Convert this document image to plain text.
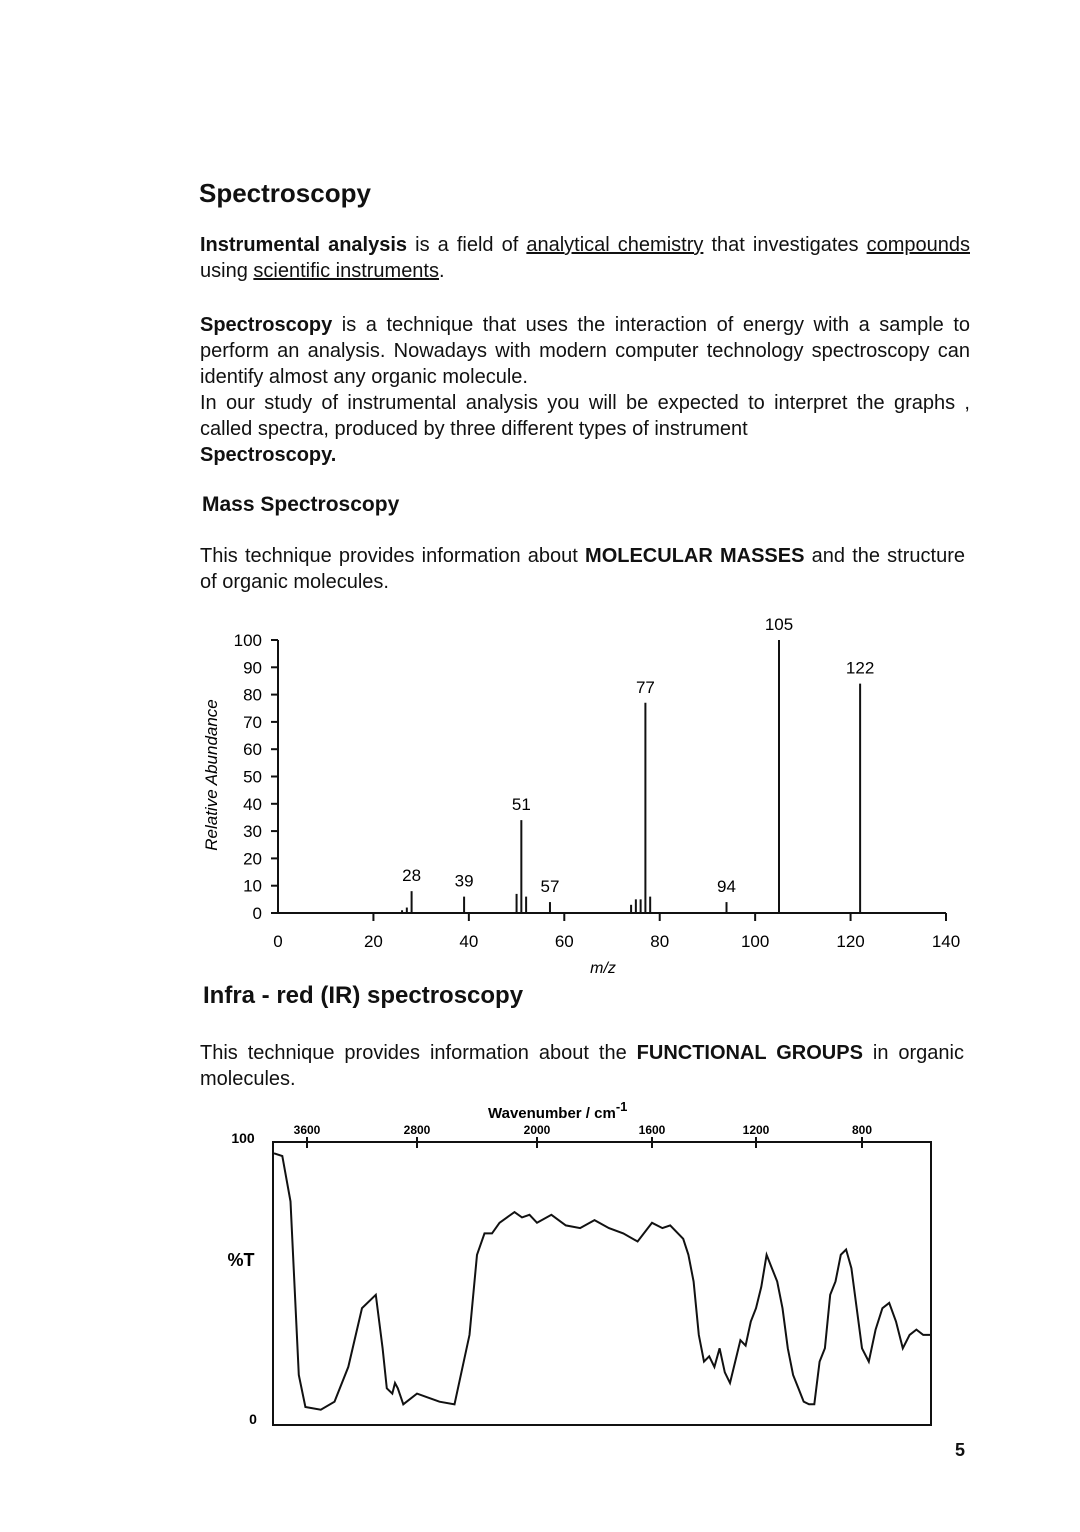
Spectroscopy

Instrumental analysis is a field of analytical chemistry that investigates compounds using scientific instruments.

Spectroscopy is a technique that uses the interaction of energy with a sample to perform an analysis. Nowadays with modern computer technology spectroscopy can identify almost any organic molecule.
In our study of instrumental analysis you will be expected to interpret the graphs , called spectra, produced by three different types of instrument
Spectroscopy.

Mass Spectroscopy

This technique provides information about MOLECULAR MASSES and the structure of organic molecules.

Relative Abundance
0
10
20
30
40
50
60
70
80
90
100
0	20	40	60	80	100	120	140
28 39
51
57
77
94
105
122
m/z
Infra - red (IR) spectroscopy

This technique provides information about the FUNCTIONAL GROUPS in organic molecules.

Wavenumber / cm-1
3600	2800	2000	1600	1200	800
100
%T
0
5
